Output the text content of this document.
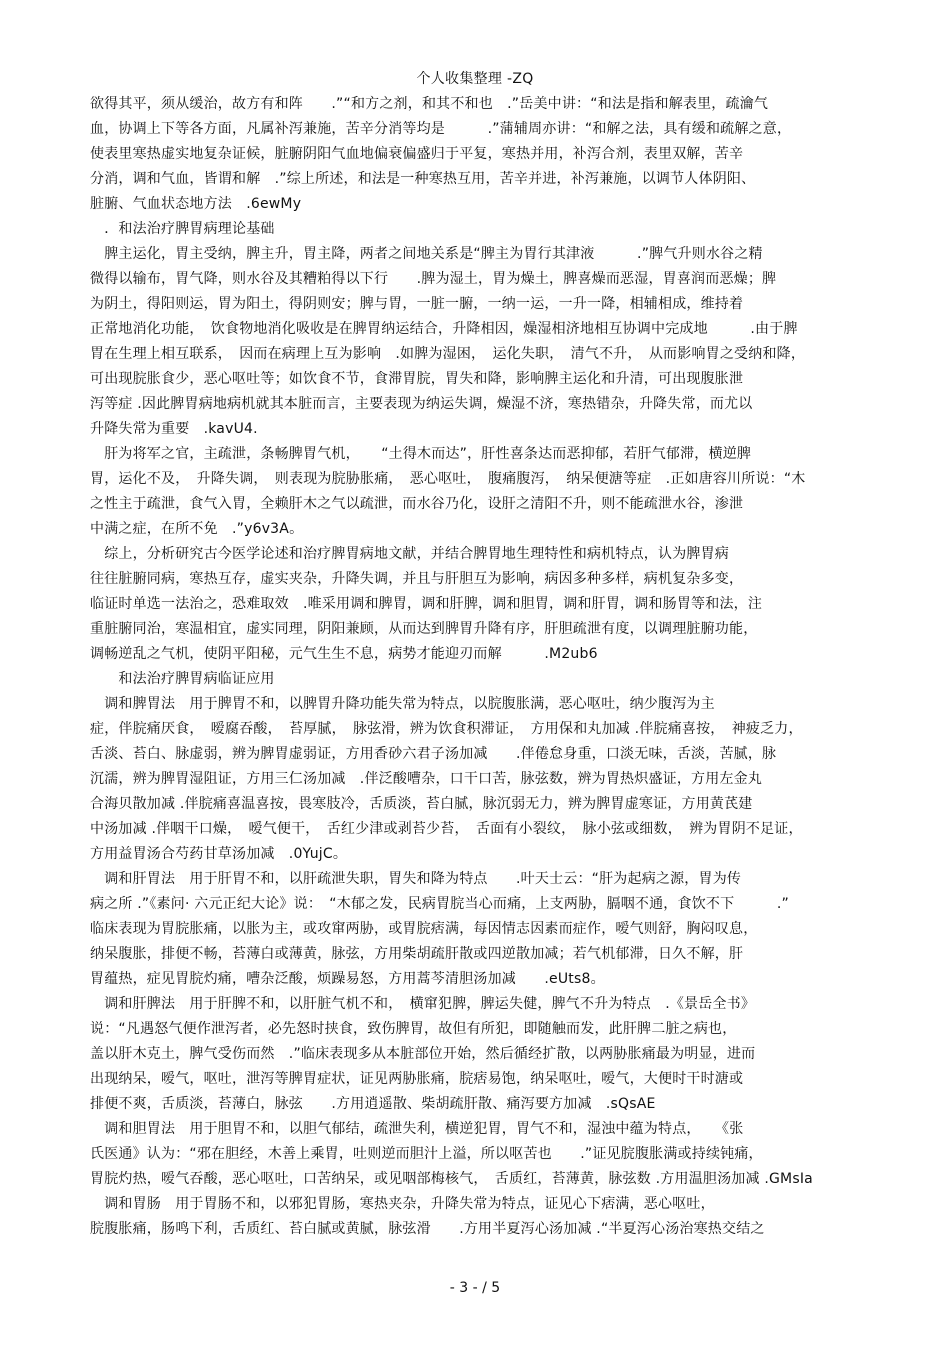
个人收集整理 -ZQ
欲得其平，须从缓治，故方有和阵　　.”“和方之剂，和其不和也　.”岳美中讲：“和法是指和解表里，疏瀹气
血，协调上下等各方面，凡属补泻兼施，苦辛分消等均是　　　.”蒲辅周亦讲：“和解之法，具有缓和疏解之意，
使表里寒热虚实地复杂证候，脏腑阴阳气血地偏衰偏盛归于平复，寒热并用，补泻合剂，表里双解，苦辛
分消，调和气血，皆谓和解　.”综上所述，和法是一种寒热互用，苦辛并进，补泻兼施，以调节人体阴阳、
脏腑、气血状态地方法　.6ewMy
　．和法治疗脾胃病理论基础
　脾主运化，胃主受纳，脾主升，胃主降，两者之间地关系是“脾主为胃行其津液　　　.”脾气升则水谷之精
微得以输布，胃气降，则水谷及其糟粕得以下行　　.脾为湿土，胃为燥土，脾喜燥而恶湿，胃喜润而恶燥；脾
为阴土，得阳则运，胃为阳土，得阴则安；脾与胃，一脏一腑，一纳一运，一升一降，相辅相成，维持着
正常地消化功能，　饮食物地消化吸收是在脾胃纳运结合，升降相因，燥湿相济地相互协调中完成地　　　.由于脾
胃在生理上相互联系，　因而在病理上互为影响　.如脾为湿困，　运化失职，　清气不升，　从而影响胃之受纳和降，
可出现脘胀食少，恶心呕吐等；如饮食不节，食滞胃脘，胃失和降，影响脾主运化和升清，可出现腹胀泄
泻等症 .因此脾胃病地病机就其本脏而言，主要表现为纳运失调，燥湿不济，寒热错杂，升降失常，而尤以
升降失常为重要　.kavU4.
　肝为将军之官，主疏泄，条畅脾胃气机，　　“土得木而达”，肝性喜条达而恶抑郁，若肝气郁滞，横逆脾
胃，运化不及，　升降失调，　则表现为脘胁胀痛，　恶心呕吐，　腹痛腹泻，　纳呆便溏等症　.正如唐容川所说：“木
之性主于疏泄，食气入胃，全赖肝木之气以疏泄，而水谷乃化，设肝之清阳不升，则不能疏泄水谷，渗泄
中满之症，在所不免　.”y6v3A。
　综上，分析研究古今医学论述和治疗脾胃病地文献，并结合脾胃地生理特性和病机特点，认为脾胃病
往往脏腑同病，寒热互存，虚实夹杂，升降失调，并且与肝胆互为影响，病因多种多样，病机复杂多变，
临证时单选一法治之，恐难取效　.唯采用调和脾胃，调和肝脾，调和胆胃，调和肝胃，调和肠胃等和法，注
重脏腑同治，寒温相宜，虚实同理，阴阳兼顾，从而达到脾胃升降有序，肝胆疏泄有度，以调理脏腑功能，
调畅逆乱之气机，使阴平阳秘，元气生生不息，病势才能迎刃而解　　　.M2ub6
　　和法治疗脾胃病临证应用
　调和脾胃法　用于脾胃不和，以脾胃升降功能失常为特点，以脘腹胀满，恶心呕吐，纳少腹泻为主
症，伴脘痛厌食，　嗳腐吞酸，　苔厚腻，　脉弦滑，辨为饮食积滞证，　方用保和丸加减 .伴脘痛喜按，　神疲乏力，
舌淡、苔白、脉虚弱，辨为脾胃虚弱证，方用香砂六君子汤加减　　.伴倦怠身重，口淡无味，舌淡，苦腻，脉
沉濡，辨为脾胃湿阻证，方用三仁汤加减　.伴泛酸嘈杂，口干口苦，脉弦数，辨为胃热炽盛证，方用左金丸
合海贝散加减 .伴脘痛喜温喜按，畏寒肢冷，舌质淡，苔白腻，脉沉弱无力，辨为脾胃虚寒证，方用黄芪建
中汤加减 .伴咽干口燥，　嗳气便干，　舌红少津或剥苔少苔，　舌面有小裂纹，　脉小弦或细数，　辨为胃阴不足证，
方用益胃汤合芍药甘草汤加减　.0YujC。
　调和肝胃法　用于肝胃不和，以肝疏泄失职，胃失和降为特点　　.叶天士云：“肝为起病之源，胃为传
病之所 .”《素问· 六元正纪大论》说：　“木郁之发，民病胃脘当心而痛，上支两胁，膈咽不通，食饮不下　　　.”
临床表现为胃脘胀痛，以胀为主，或攻窜两胁，或胃脘痞满，每因情志因素而症作，嗳气则舒，胸闷叹息，
纳呆腹胀，排便不畅，苔薄白或薄黄，脉弦，方用柴胡疏肝散或四逆散加减；若气机郁滞，日久不解，肝
胃蕴热，症见胃脘灼痛，嘈杂泛酸，烦躁易怒，方用蒿芩清胆汤加减　　.eUts8。
　调和肝脾法　用于肝脾不和，以肝脏气机不和，　横窜犯脾，脾运失健，脾气不升为特点　.《景岳全书》
说：“凡遇怒气便作泄泻者，必先怒时挟食，致伤脾胃，故但有所犯，即随触而发，此肝脾二脏之病也，
盖以肝木克土，脾气受伤而然　.”临床表现多从本脏部位开始，然后循经扩散，以两胁胀痛最为明显，进而
出现纳呆，嗳气，呕吐，泄泻等脾胃症状，证见两胁胀痛，脘痞易饱，纳呆呕吐，嗳气，大便时干时溏或
排便不爽，舌质淡，苔薄白，脉弦　　.方用逍遥散、柴胡疏肝散、痛泻要方加减　.sQsAE
　调和胆胃法　用于胆胃不和，以胆气郁结，疏泄失利，横逆犯胃，胃气不和，湿浊中蕴为特点，　　《张
氏医通》认为：“邪在胆经，木善上乘胃，吐则逆而胆汁上溢，所以呕苦也　　.”证见脘腹胀满或持续钝痛，
胃脘灼热，嗳气吞酸，恶心呕吐，口苦纳呆，或见咽部梅核气，　舌质红，苔薄黄，脉弦数 .方用温胆汤加减 .GMsIa
　调和胃肠　用于胃肠不和，以邪犯胃肠，寒热夹杂，升降失常为特点，证见心下痞满，恶心呕吐，
脘腹胀痛，肠鸣下利，舌质红、苔白腻或黄腻，脉弦滑　　.方用半夏泻心汤加减 .“半夏泻心汤治寒热交结之
- 3 - / 5
